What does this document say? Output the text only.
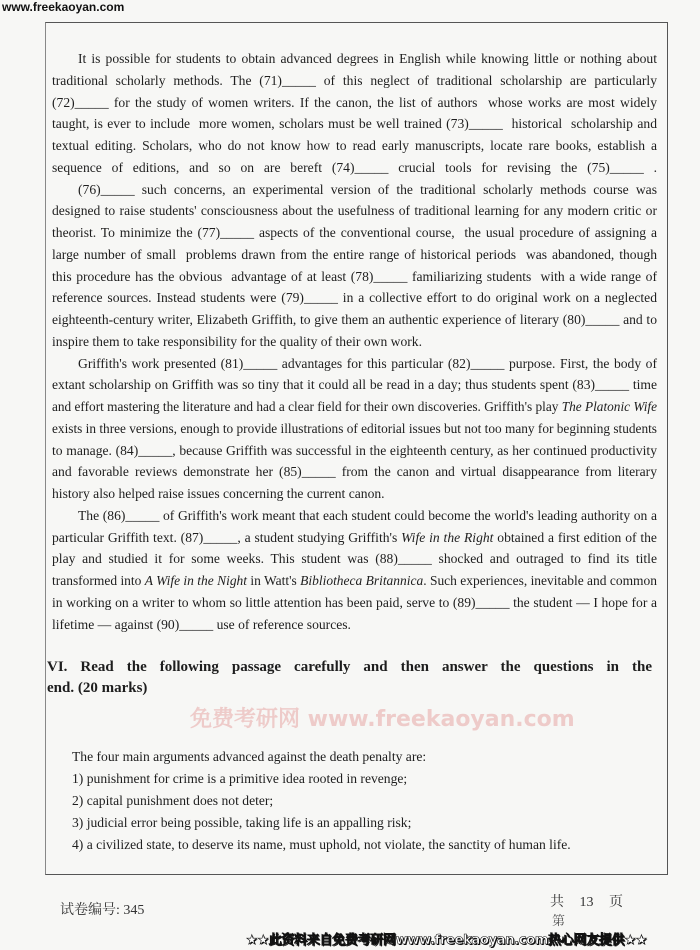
www.freekaoyan.com
It is possible for students to obtain advanced degrees in English while knowing little or nothing about
traditional scholarly methods. The (71)_____ of this neglect of traditional scholarship are particularly
(72)_____ for the study of women writers. If the canon, the list of authors  whose works are most widely
taught, is ever to include  more women, scholars must be well trained (73)_____  historical  scholarship and
textual editing. Scholars, who do not know how to read early manuscripts, locate rare books, establish a
sequence of editions, and so on are bereft (74)_____ crucial tools for revising the (75)_____ .
(76)_____ such concerns, an experimental version of the traditional scholarly methods course was
designed to raise students' consciousness about the usefulness of traditional learning for any modern critic or
theorist. To minimize the (77)_____ aspects of the conventional course,  the usual procedure of assigning a
large number of small  problems drawn from the entire range of historical periods  was abandoned, though
this procedure has the obvious  advantage of at least (78)_____ familiarizing students  with a wide range of
reference sources. Instead students were (79)_____ in a collective effort to do original work on a neglected
eighteenth-century writer, Elizabeth Griffith, to give them an authentic experience of literary (80)_____ and to
inspire them to take responsibility for the quality of their own work.
Griffith's work presented (81)_____ advantages for this particular (82)_____ purpose. First, the body of
extant scholarship on Griffith was so tiny that it could all be read in a day; thus students spent (83)_____ time
and effort mastering the literature and had a clear field for their own discoveries. Griffith's play The Platonic Wife
exists in three versions, enough to provide illustrations of editorial issues but not too many for beginning students
to manage. (84)_____, because Griffith was successful in the eighteenth century, as her continued productivity
and favorable reviews demonstrate her (85)_____ from the canon and virtual disappearance from literary
history also helped raise issues concerning the current canon.
The (86)_____ of Griffith's work meant that each student could become the world's leading authority on a
particular Griffith text. (87)_____, a student studying Griffith's Wife in the Right obtained a first edition of the
play and studied it for some weeks. This student was (88)_____ shocked and outraged to find its title
transformed into A Wife in the Night in Watt's Bibliotheca Britannica. Such experiences, inevitable and common
in working on a writer to whom so little attention has been paid, serve to (89)_____ the student — I hope for a
lifetime — against (90)_____ use of reference sources.
VI. Read the following passage carefully and then answer the questions in the
end. (20 marks)
免费考研网 www.freekaoyan.com
The four main arguments advanced against the death penalty are:
1) punishment for crime is a primitive idea rooted in revenge;
2) capital punishment does not deter;
3) judicial error being possible, taking life is an appalling risk;
4) a civilized state, to deserve its name, must uphold, not violate, the sanctity of human life.
试卷编号: 345
共 13 页
第
★★此资料来自免费考研网www.freekaoyan.com热心网友提供★★
